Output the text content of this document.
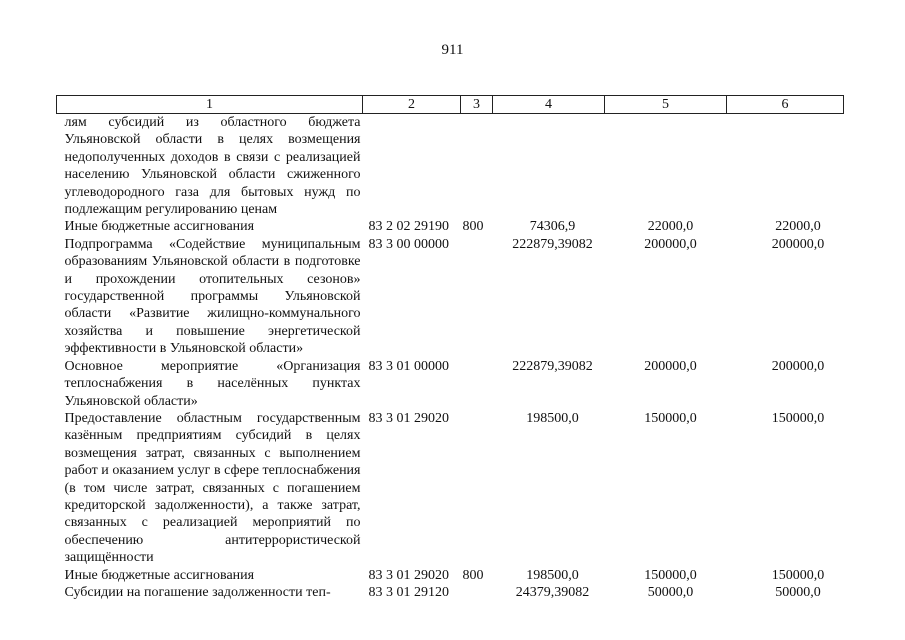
911
1	2	3	4	5	6
лям субсидий из областного бюджета Ульяновской области в целях возмещения недополученных доходов в связи с реализацией населению Ульяновской области сжиженного углеводородного газа для бытовых нужд по подлежащим регулированию ценам					
Иные бюджетные ассигнования	83 2 02 29190	800	74306,9	22000,0	22000,0
Подпрограмма «Содействие муниципальным образованиям Ульяновской области в подготовке и прохождении отопительных сезонов» государственной программы Ульяновской области «Развитие жилищно-коммунального хозяйства и повышение энергетической эффективности в Ульяновской области»	83 3 00 00000		222879,39082	200000,0	200000,0
Основное мероприятие «Организация теплоснабжения в населённых пунктах Ульяновской области»	83 3 01 00000		222879,39082	200000,0	200000,0
Предоставление областным государственным казённым предприятиям субсидий в целях возмещения затрат, связанных с выполнением работ и оказанием услуг в сфере теплоснабжения (в том числе затрат, связанных с погашением кредиторской задолженности), а также затрат, связанных с реализацией мероприятий по обеспечению антитеррористической защищённости	83 3 01 29020		198500,0	150000,0	150000,0
Иные бюджетные ассигнования	83 3 01 29020	800	198500,0	150000,0	150000,0
Субсидии на погашение задолженности теп-	83 3 01 29120		24379,39082	50000,0	50000,0
